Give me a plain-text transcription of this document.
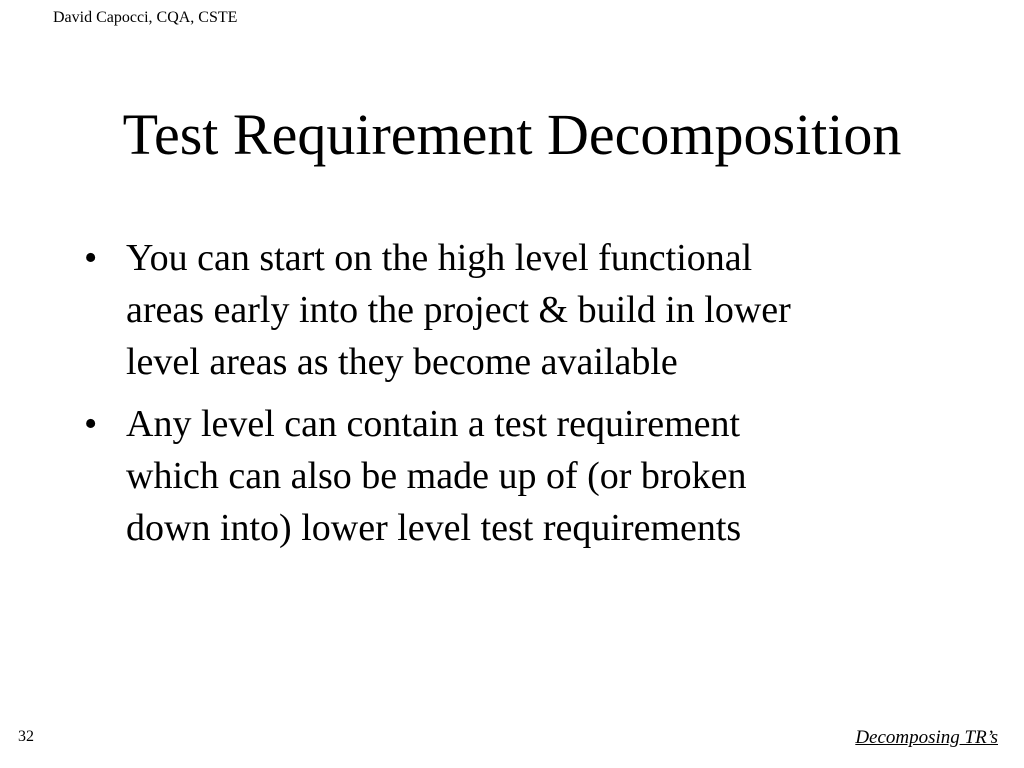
David Capocci, CQA, CSTE
Test Requirement Decomposition
• You can start on the high level functional
areas early into the project & build in lower
level areas as they become available
• Any level can contain a test requirement
which can also be made up of (or broken
down into) lower level test requirements
32	Decomposing TR’s
